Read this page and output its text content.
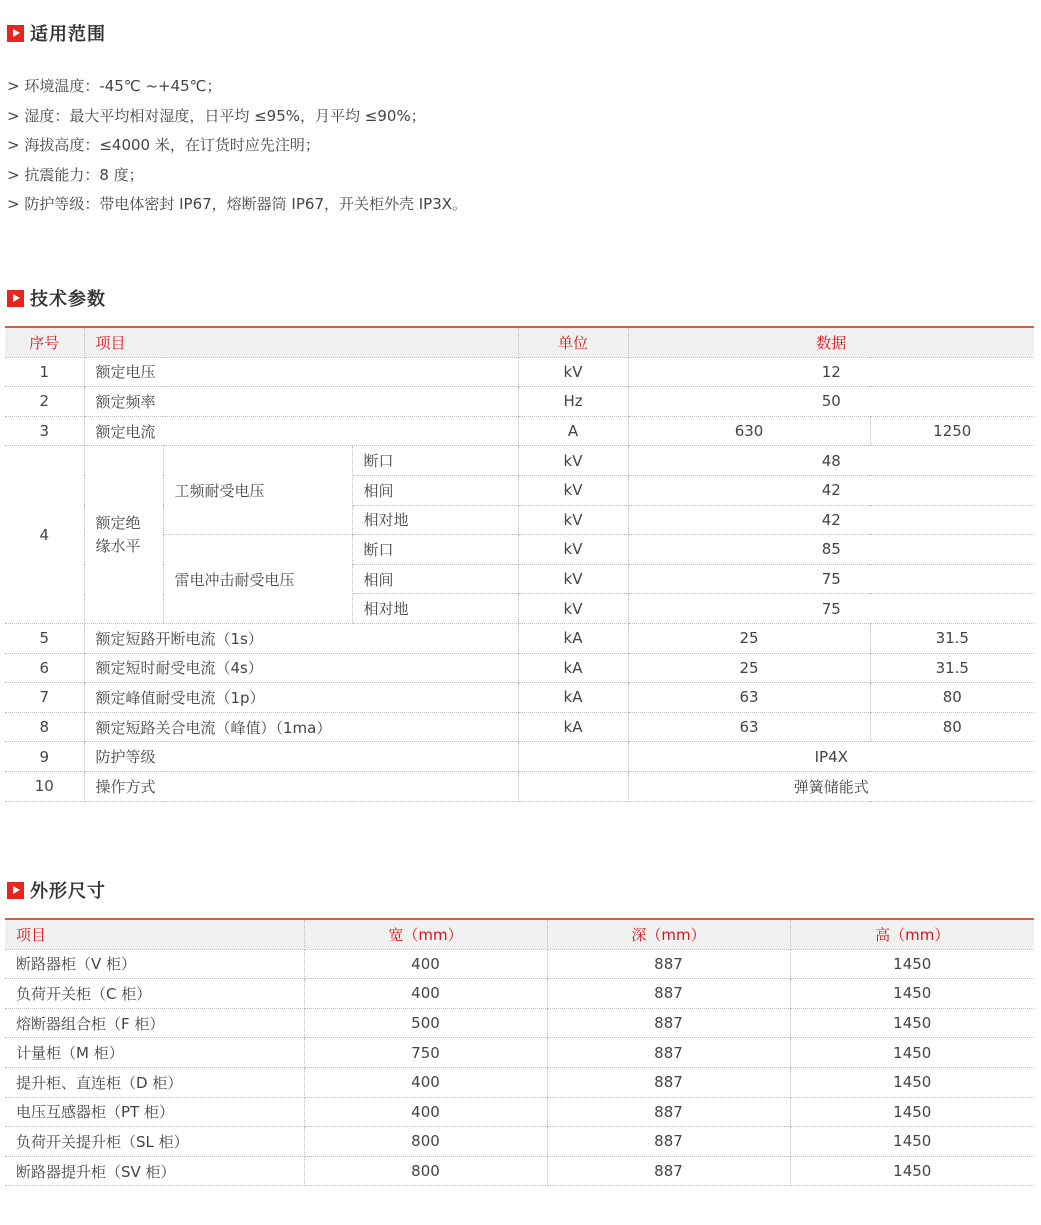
适用范围
> 环境温度：-45℃ ~+45℃；
> 湿度：最大平均相对湿度，日平均 ≤95%，月平均 ≤90%；
> 海拔高度：≤4000 米，在订货时应先注明；
> 抗震能力：8 度；
> 防护等级：带电体密封 IP67，熔断器筒 IP67，开关柜外壳 IP3X。
技术参数
序号	项目			单位	数据	
1	额定电压			kV	12	
2	额定频率			Hz	50	
3	额定电流			A	630	1250
4	额定绝缘水平	工频耐受电压	断口	kV	48	
			相间	kV	42	
			相对地	kV	42	
		雷电冲击耐受电压	断口	kV	85	
			相间	kV	75	
			相对地	kV	75	
5	额定短路开断电流（1s）			kA	25	31.5
6	额定短时耐受电流（4s）			kA	25	31.5
7	额定峰值耐受电流（1p）			kA	63	80
8	额定短路关合电流（峰值）（1ma）			kA	63	80
9	防护等级				IP4X	
10	操作方式				弹簧储能式	
外形尺寸
项目	宽（mm）	深（mm）	高（mm）
断路器柜（V 柜）	400	887	1450
负荷开关柜（C 柜）	400	887	1450
熔断器组合柜（F 柜）	500	887	1450
计量柜（M 柜）	750	887	1450
提升柜、直连柜（D 柜）	400	887	1450
电压互感器柜（PT 柜）	400	887	1450
负荷开关提升柜（SL 柜）	800	887	1450
断路器提升柜（SV 柜）	800	887	1450
